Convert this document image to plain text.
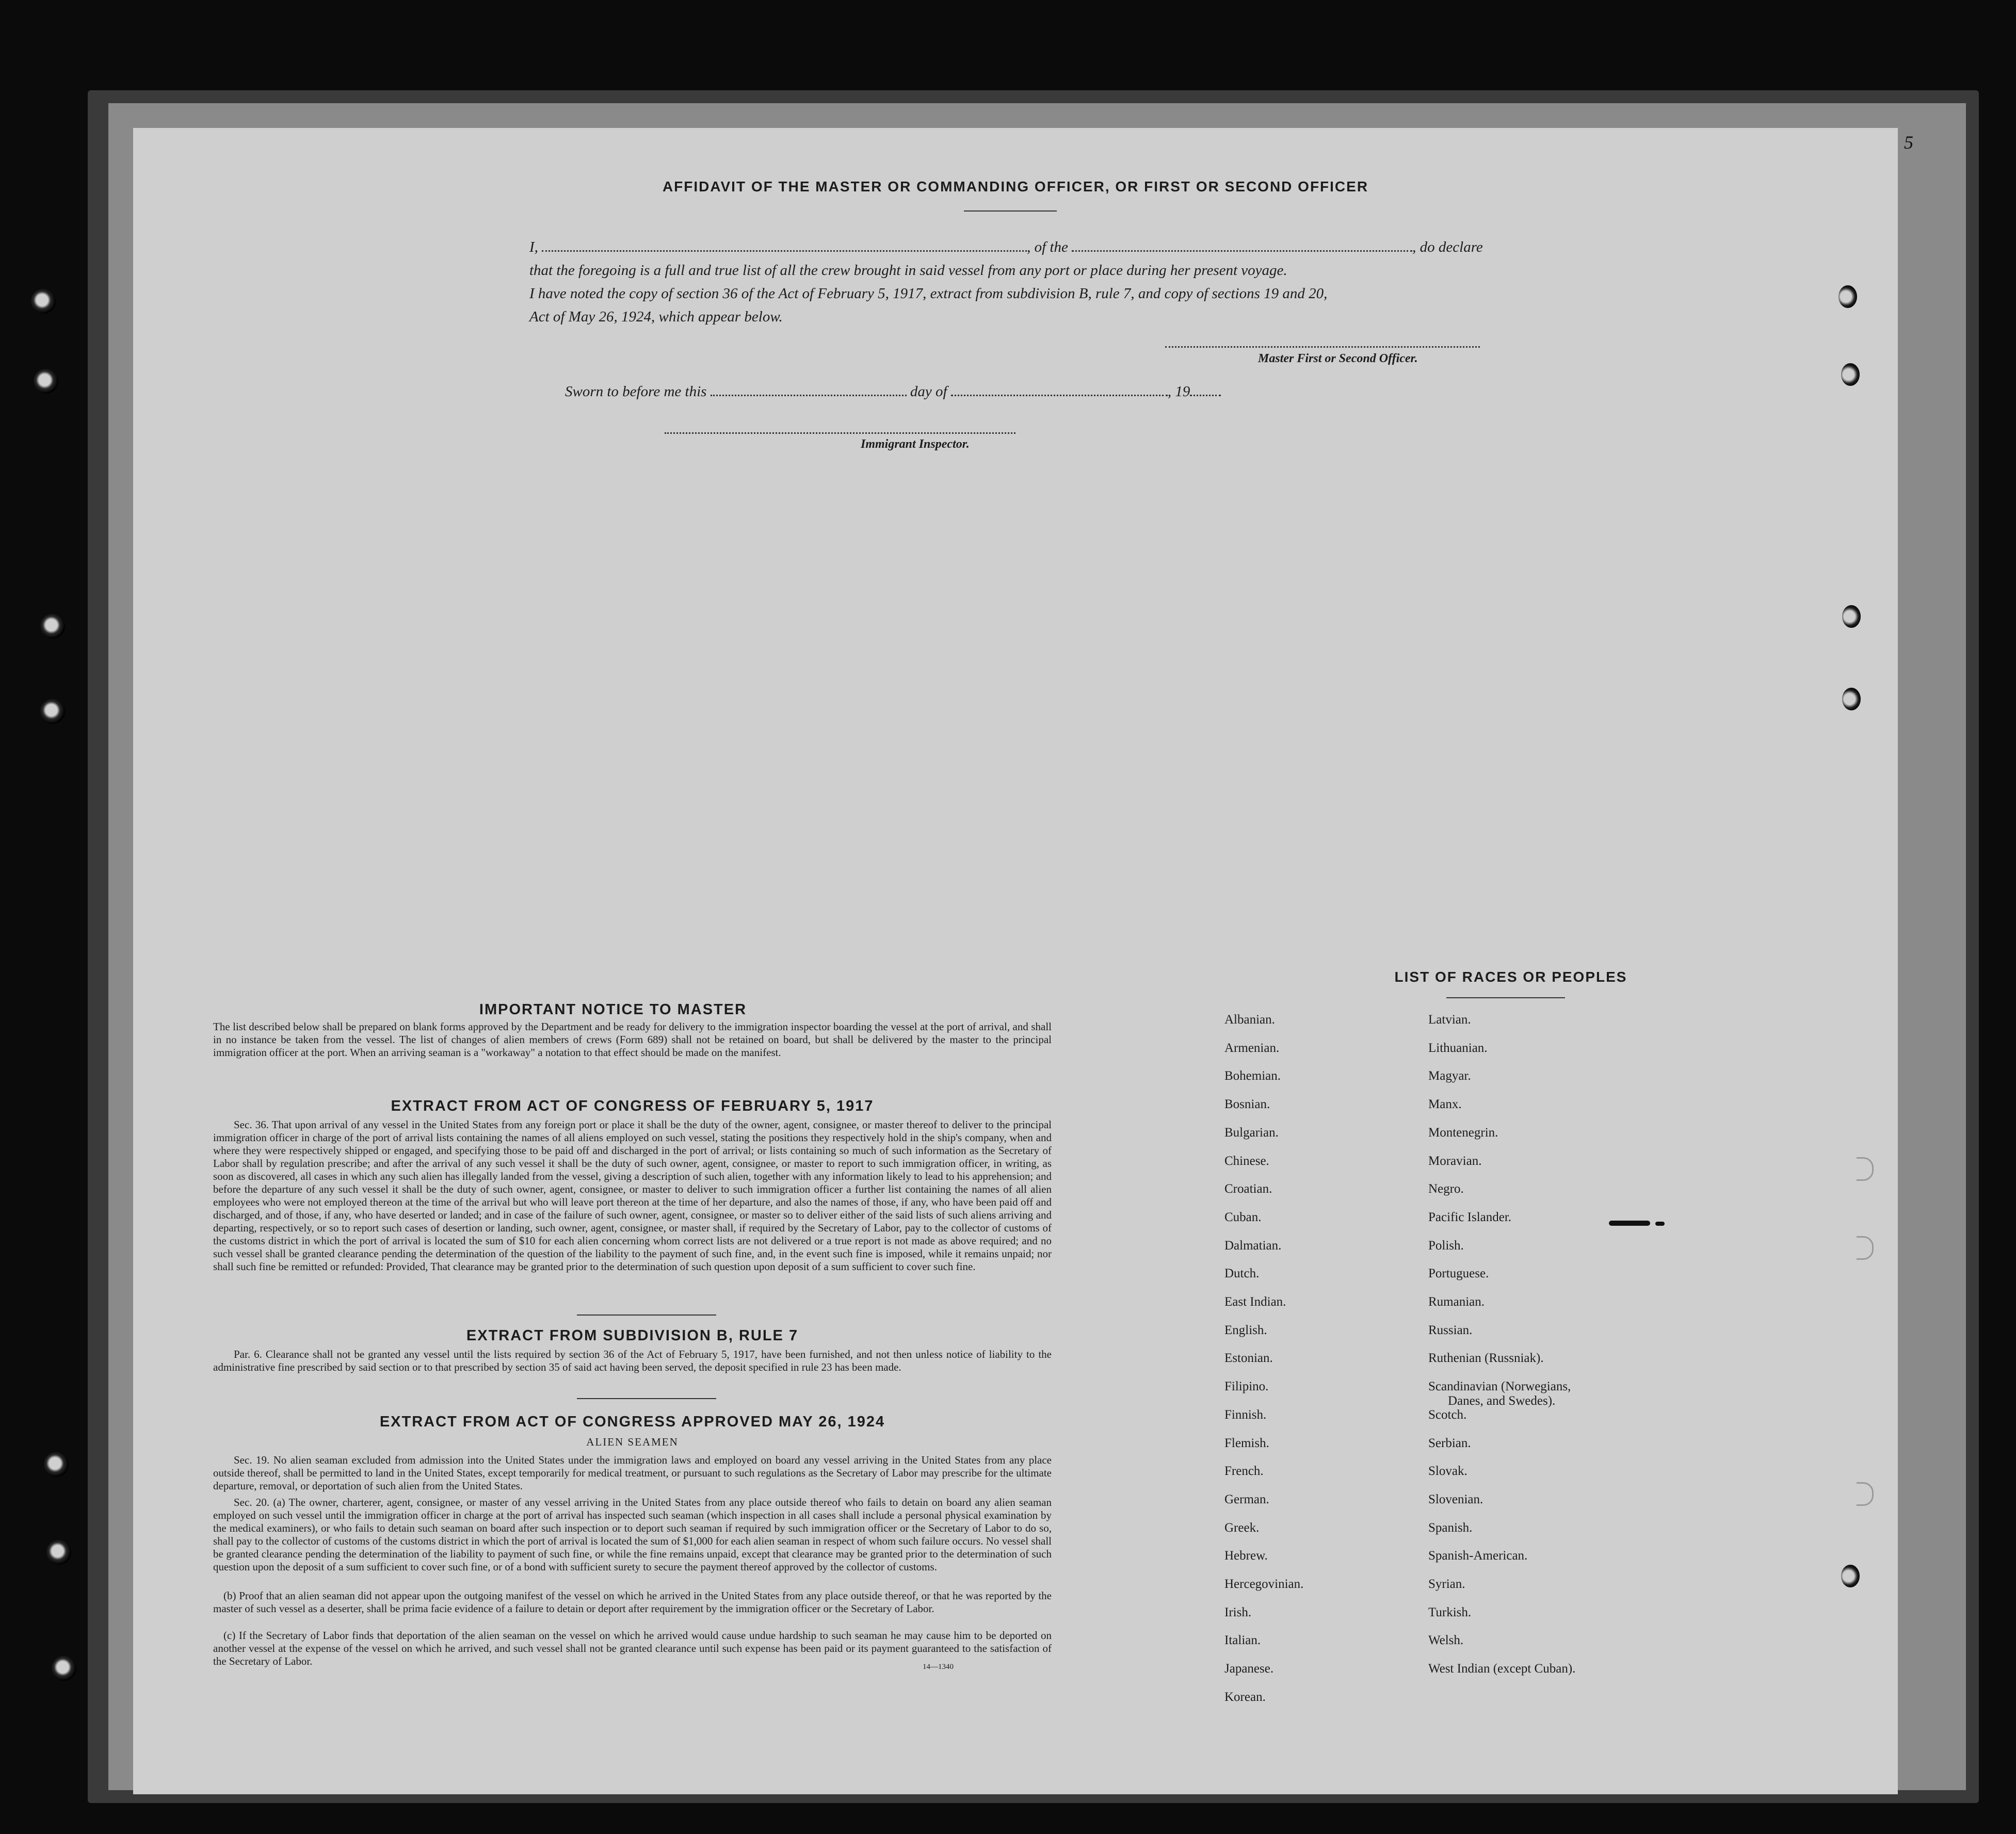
AFFIDAVIT OF THE MASTER OR COMMANDING OFFICER, OR FIRST OR SECOND OFFICER
I,	, of the	, do declare
that the foregoing is a full and true list of all the crew brought in said vessel from any port or place during her present voyage.
I have noted the copy of section 36 of the Act of February 5, 1917, extract from subdivision B, rule 7, and copy of sections 19 and 20,
Act of May 26, 1924, which appear below.
Master First or Second Officer.
Sworn to before me this	day of	, 19
Immigrant Inspector.
IMPORTANT NOTICE TO MASTER
The list described below shall be prepared on blank forms approved by the Department and be ready for delivery to the immigration inspector boarding the vessel at the port of arrival, and shall in no instance be taken from the vessel. The list of changes of alien members of crews (Form 689) shall not be retained on board, but shall be delivered by the master to the principal immigration officer at the port. When an arriving seaman is a "workaway" a notation to that effect should be made on the manifest.
EXTRACT FROM ACT OF CONGRESS OF FEBRUARY 5, 1917
Sec. 36. That upon arrival of any vessel in the United States from any foreign port or place it shall be the duty of the owner, agent, consignee, or master thereof to deliver to the principal immigration officer in charge of the port of arrival lists containing the names of all aliens employed on such vessel, stating the positions they respectively hold in the ship's company, when and where they were respectively shipped or engaged, and specifying those to be paid off and discharged in the port of arrival; or lists containing so much of such information as the Secretary of Labor shall by regulation prescribe; and after the arrival of any such vessel it shall be the duty of such owner, agent, consignee, or master to report to such immigration officer, in writing, as soon as discovered, all cases in which any such alien has illegally landed from the vessel, giving a description of such alien, together with any information likely to lead to his apprehension; and before the departure of any such vessel it shall be the duty of such owner, agent, consignee, or master to deliver to such immigration officer a further list containing the names of all alien employees who were not employed thereon at the time of the arrival but who will leave port thereon at the time of her departure, and also the names of those, if any, who have been paid off and discharged, and of those, if any, who have deserted or landed; and in case of the failure of such owner, agent, consignee, or master so to deliver either of the said lists of such aliens arriving and departing, respectively, or so to report such cases of desertion or landing, such owner, agent, consignee, or master shall, if required by the Secretary of Labor, pay to the collector of customs of the customs district in which the port of arrival is located the sum of $10 for each alien concerning whom correct lists are not delivered or a true report is not made as above required; and no such vessel shall be granted clearance pending the determination of the question of the liability to the payment of such fine, and, in the event such fine is imposed, while it remains unpaid; nor shall such fine be remitted or refunded: Provided, That clearance may be granted prior to the determination of such question upon deposit of a sum sufficient to cover such fine.
EXTRACT FROM SUBDIVISION B, RULE 7
Par. 6. Clearance shall not be granted any vessel until the lists required by section 36 of the Act of February 5, 1917, have been furnished, and not then unless notice of liability to the administrative fine prescribed by said section or to that prescribed by section 35 of said act having been served, the deposit specified in rule 23 has been made.
EXTRACT FROM ACT OF CONGRESS APPROVED MAY 26, 1924
ALIEN SEAMEN
Sec. 19. No alien seaman excluded from admission into the United States under the immigration laws and employed on board any vessel arriving in the United States from any place outside thereof, shall be permitted to land in the United States, except temporarily for medical treatment, or pursuant to such regulations as the Secretary of Labor may prescribe for the ultimate departure, removal, or deportation of such alien from the United States.
Sec. 20. (a) The owner, charterer, agent, consignee, or master of any vessel arriving in the United States from any place outside thereof who fails to detain on board any alien seaman employed on such vessel until the immigration officer in charge at the port of arrival has inspected such seaman (which inspection in all cases shall include a personal physical examination by the medical examiners), or who fails to detain such seaman on board after such inspection or to deport such seaman if required by such immigration officer or the Secretary of Labor to do so, shall pay to the collector of customs of the customs district in which the port of arrival is located the sum of $1,000 for each alien seaman in respect of whom such failure occurs. No vessel shall be granted clearance pending the determination of the liability to payment of such fine, or while the fine remains unpaid, except that clearance may be granted prior to the determination of such question upon the deposit of a sum sufficient to cover such fine, or of a bond with sufficient surety to secure the payment thereof approved by the collector of customs.
(b) Proof that an alien seaman did not appear upon the outgoing manifest of the vessel on which he arrived in the United States from any place outside thereof, or that he was reported by the master of such vessel as a deserter, shall be prima facie evidence of a failure to detain or deport after requirement by the immigration officer or the Secretary of Labor.
(c) If the Secretary of Labor finds that deportation of the alien seaman on the vessel on which he arrived would cause undue hardship to such seaman he may cause him to be deported on another vessel at the expense of the vessel on which he arrived, and such vessel shall not be granted clearance until such expense has been paid or its payment guaranteed to the satisfaction of the Secretary of Labor.	14—1340
LIST OF RACES OR PEOPLES
Albanian.
Armenian.
Bohemian.
Bosnian.
Bulgarian.
Chinese.
Croatian.
Cuban.
Dalmatian.
Dutch.
East Indian.
English.
Estonian.
Filipino.
Finnish.
Flemish.
French.
German.
Greek.
Hebrew.
Hercegovinian.
Irish.
Italian.
Japanese.
Korean.
Latvian.
Lithuanian.
Magyar.
Manx.
Montenegrin.
Moravian.
Negro.
Pacific Islander.
Polish.
Portuguese.
Rumanian.
Russian.
Ruthenian (Russniak).
Scandinavian (Norwegians,
Danes, and Swedes).
Scotch.
Serbian.
Slovak.
Slovenian.
Spanish.
Spanish-American.
Syrian.
Turkish.
Welsh.
West Indian (except Cuban).
5
